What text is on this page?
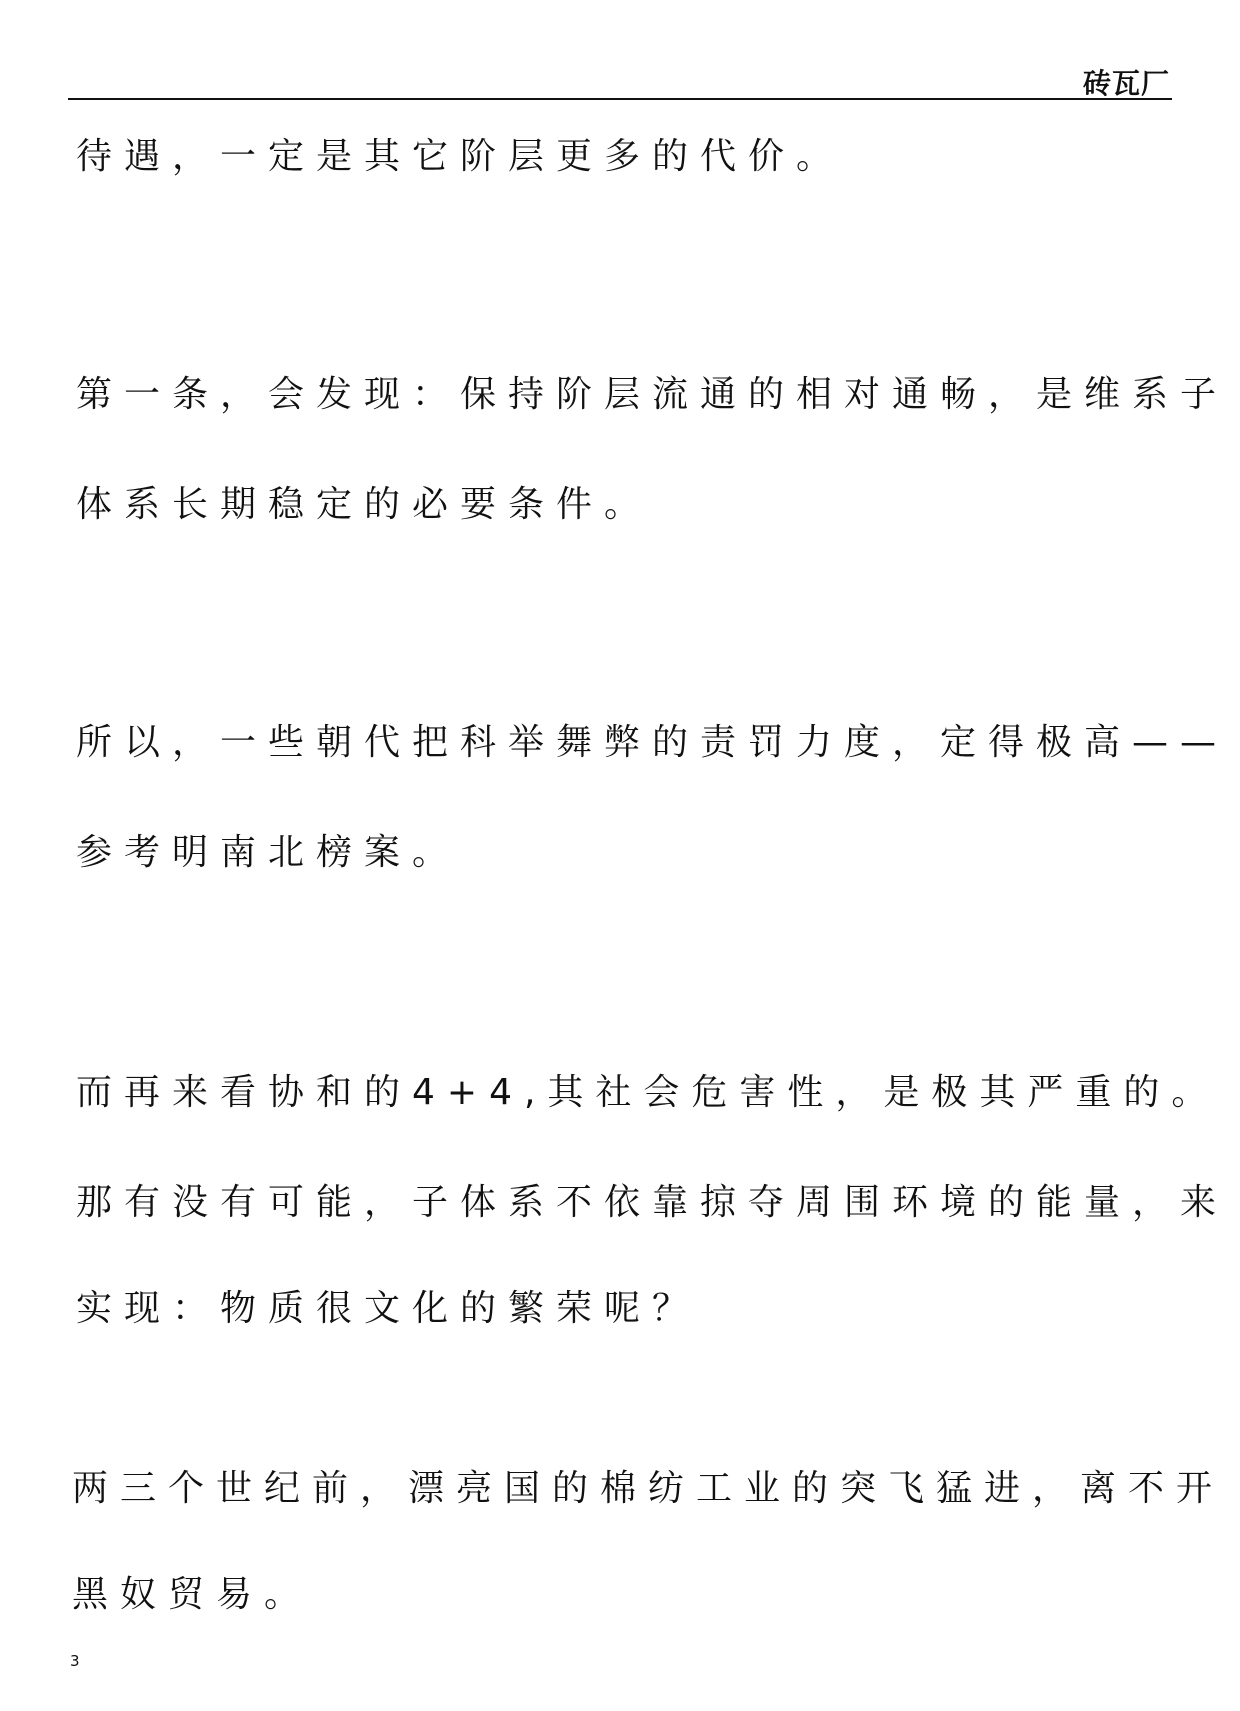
砖瓦厂
待遇，一定是其它阶层更多的代价。
第一条，会发现：保持阶层流通的相对通畅，是维系子
体系长期稳定的必要条件。
所以，一些朝代把科举舞弊的责罚力度，定得极高——
参考明南北榜案。
而再来看协和的4+4,其社会危害性，是极其严重的。
那有没有可能，子体系不依靠掠夺周围环境的能量，来
实现：物质很文化的繁荣呢？
两三个世纪前，漂亮国的棉纺工业的突飞猛进，离不开
黑奴贸易。
3
